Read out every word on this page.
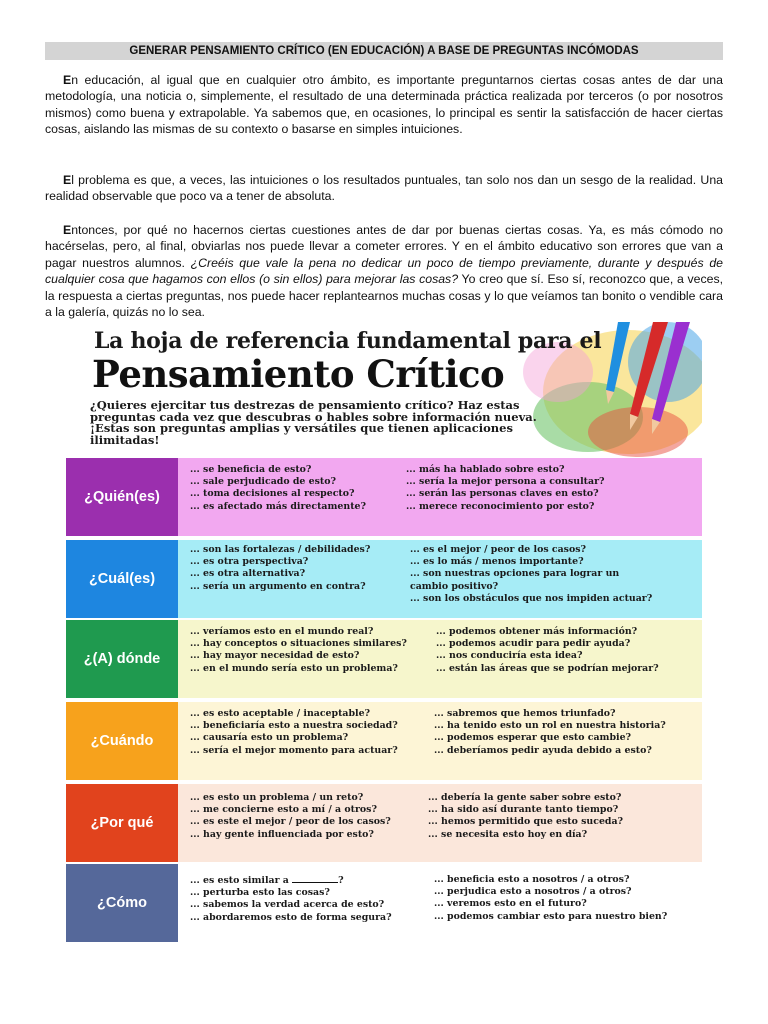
GENERAR PENSAMIENTO CRÍTICO (EN EDUCACIÓN) A BASE DE PREGUNTAS INCÓMODAS

En educación, al igual que en cualquier otro ámbito, es importante preguntarnos ciertas cosas antes de dar una metodología, una noticia o, simplemente, el resultado de una determinada práctica realizada por terceros (o por nosotros mismos) como buena y extrapolable. Ya sabemos que, en ocasiones, lo principal es sentir la satisfacción de hacer ciertas cosas, aislando las mismas de su contexto o basarse en simples intuiciones.

El problema es que, a veces, las intuiciones o los resultados puntuales, tan solo nos dan un sesgo de la realidad. Una realidad observable que poco va a tener de absoluta.

Entonces, por qué no hacernos ciertas cuestiones antes de dar por buenas ciertas cosas. Ya, es más cómodo no hacérselas, pero, al final, obviarlas nos puede llevar a cometer errores. Y en el ámbito educativo son errores que van a pagar nuestros alumnos. ¿Creéis que vale la pena no dedicar un poco de tiempo previamente, durante y después de cualquier cosa que hagamos con ellos (o sin ellos) para mejorar las cosas? Yo creo que sí. Eso sí, reconozco que, a veces, la respuesta a ciertas preguntas, nos puede hacer replantearnos muchas cosas y lo que veíamos tan bonito o vendible cara a la galería, quizás no lo sea.

La hoja de referencia fundamental para el
Pensamiento Crítico

¿Quieres ejercitar tus destrezas de pensamiento crítico? Haz estas preguntas cada vez que descubras o hables sobre información nueva. ¡Estas son preguntas amplias y versátiles que tienen aplicaciones ilimitadas!

¿Quién(es)
... se beneficia de esto?
... sale perjudicado de esto?
... toma decisiones al respecto?
... es afectado más directamente?
... más ha hablado sobre esto?
... sería la mejor persona a consultar?
... serán las personas claves en esto?
... merece reconocimiento por esto?
¿Cuál(es)
... son las fortalezas / debilidades?
... es otra perspectiva?
... es otra alternativa?
... sería un argumento en contra?
... es el mejor / peor de los casos?
... es lo más / menos importante?
... son nuestras opciones para lograr un cambio positivo?
... son los obstáculos que nos impiden actuar?
¿(A) dónde
... veríamos esto en el mundo real?
... hay conceptos o situaciones similares?
... hay mayor necesidad de esto?
... en el mundo sería esto un problema?
... podemos obtener más información?
... podemos acudir para pedir ayuda?
... nos conduciría esta idea?
... están las áreas que se podrían mejorar?
¿Cuándo
... es esto aceptable / inaceptable?
... beneficiaría esto a nuestra sociedad?
... causaría esto un problema?
... sería el mejor momento para actuar?
... sabremos que hemos triunfado?
... ha tenido esto un rol en nuestra historia?
... podemos esperar que esto cambie?
... deberíamos pedir ayuda debido a esto?
¿Por qué
... es esto un problema / un reto?
... me concierne esto a mí / a otros?
... es este el mejor / peor de los casos?
... hay gente influenciada por esto?
... debería la gente saber sobre esto?
... ha sido así durante tanto tiempo?
... hemos permitido que esto suceda?
... se necesita esto hoy en día?
¿Cómo
... es esto similar a	?
... perturba esto las cosas?
... sabemos la verdad acerca de esto?
... abordaremos esto de forma segura?
... beneficia esto a nosotros / a otros?
... perjudica esto a nosotros / a otros?
... veremos esto en el futuro?
... podemos cambiar esto para nuestro bien?
